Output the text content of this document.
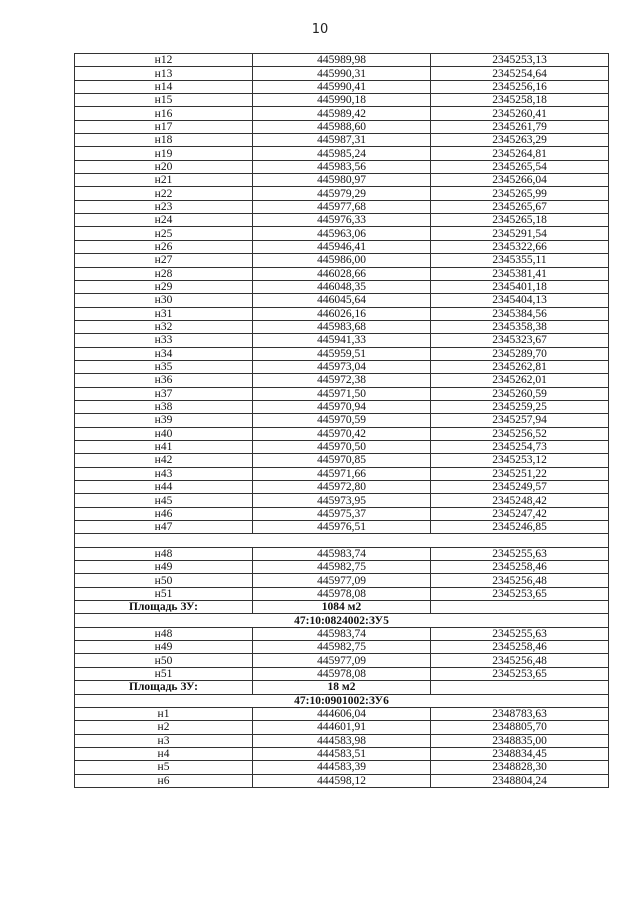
10
н12	445989,98	2345253,13
н13	445990,31	2345254,64
н14	445990,41	2345256,16
н15	445990,18	2345258,18
н16	445989,42	2345260,41
н17	445988,60	2345261,79
н18	445987,31	2345263,29
н19	445985,24	2345264,81
н20	445983,56	2345265,54
н21	445980,97	2345266,04
н22	445979,29	2345265,99
н23	445977,68	2345265,67
н24	445976,33	2345265,18
н25	445963,06	2345291,54
н26	445946,41	2345322,66
н27	445986,00	2345355,11
н28	446028,66	2345381,41
н29	446048,35	2345401,18
н30	446045,64	2345404,13
н31	446026,16	2345384,56
н32	445983,68	2345358,38
н33	445941,33	2345323,67
н34	445959,51	2345289,70
н35	445973,04	2345262,81
н36	445972,38	2345262,01
н37	445971,50	2345260,59
н38	445970,94	2345259,25
н39	445970,59	2345257,94
н40	445970,42	2345256,52
н41	445970,50	2345254,73
н42	445970,85	2345253,12
н43	445971,66	2345251,22
н44	445972,80	2345249,57
н45	445973,95	2345248,42
н46	445975,37	2345247,42
н47	445976,51	2345246,85

н48	445983,74	2345255,63
н49	445982,75	2345258,46
н50	445977,09	2345256,48
н51	445978,08	2345253,65
Площадь ЗУ:	1084 м2	
47:10:0824002:ЗУ5		
н48	445983,74	2345255,63
н49	445982,75	2345258,46
н50	445977,09	2345256,48
н51	445978,08	2345253,65
Площадь ЗУ:	18 м2	
47:10:0901002:ЗУ6		
н1	444606,04	2348783,63
н2	444601,91	2348805,70
н3	444583,98	2348835,00
н4	444583,51	2348834,45
н5	444583,39	2348828,30
н6	444598,12	2348804,24
